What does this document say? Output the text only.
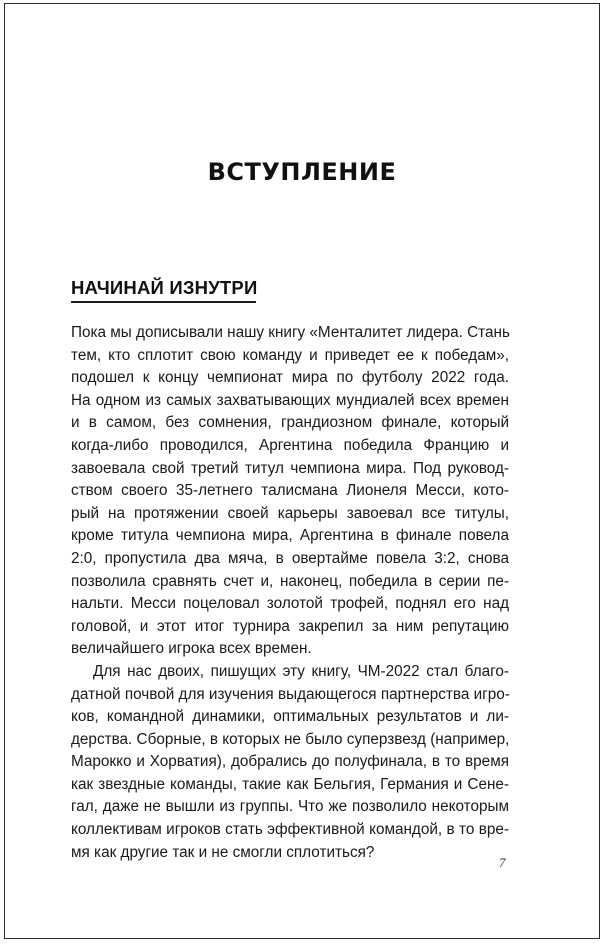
ВСТУПЛЕНИЕ
НАЧИНАЙ ИЗНУТРИ
Пока мы дописывали нашу книгу «Менталитет лидера. Стань
тем, кто сплотит свою команду и приведет ее к победам»,
подошел к концу чемпионат мира по футболу 2022 года.
На одном из самых захватывающих мундиалей всех времен
и в самом, без сомнения, грандиозном финале, который
когда-либо проводился, Аргентина победила Францию и
завоевала свой третий титул чемпиона мира. Под руковод-
ством своего 35-летнего талисмана Лионеля Месси, кото-
рый на протяжении своей карьеры завоевал все титулы,
кроме титула чемпиона мира, Аргентина в финале повела
2:0, пропустила два мяча, в овертайме повела 3:2, снова
позволила сравнять счет и, наконец, победила в серии пе-
нальти. Месси поцеловал золотой трофей, поднял его над
головой, и этот итог турнира закрепил за ним репутацию
величайшего игрока всех времен.
Для нас двоих, пишущих эту книгу, ЧМ-2022 стал благо-
датной почвой для изучения выдающегося партнерства игро-
ков, командной динамики, оптимальных результатов и ли-
дерства. Сборные, в которых не было суперзвезд (например,
Марокко и Хорватия), добрались до полуфинала, в то время
как звездные команды, такие как Бельгия, Германия и Сене-
гал, даже не вышли из группы. Что же позволило некоторым
коллективам игроков стать эффективной командой, в то вре-
мя как другие так и не смогли сплотиться?
7
